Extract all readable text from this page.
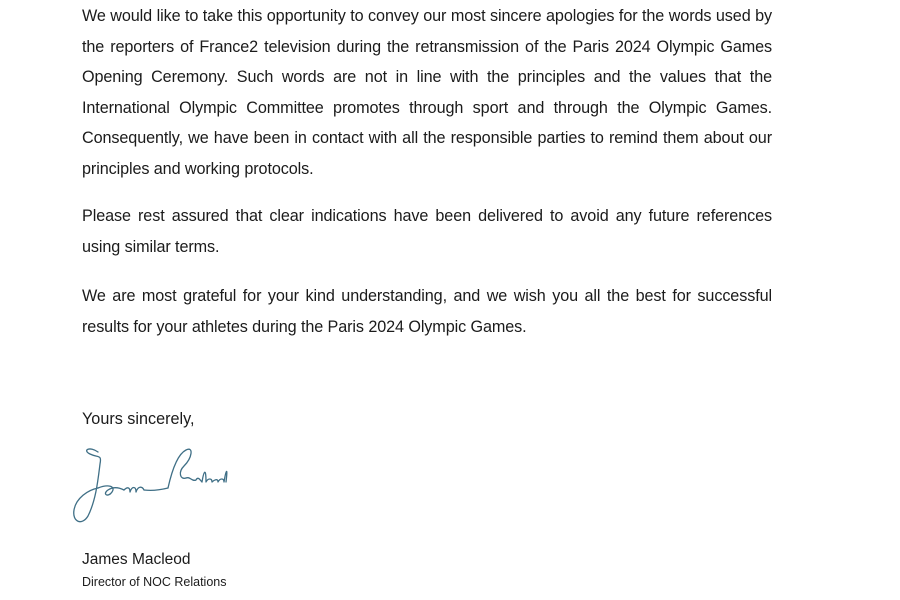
We would like to take this opportunity to convey our most sincere apologies for the words used by the reporters of France2 television during the retransmission of the Paris 2024 Olympic Games Opening Ceremony. Such words are not in line with the principles and the values that the International Olympic Committee promotes through sport and through the Olympic Games. Consequently, we have been in contact with all the responsible parties to remind them about our principles and working protocols.

Please rest assured that clear indications have been delivered to avoid any future references using similar terms.

We are most grateful for your kind understanding, and we wish you all the best for successful results for your athletes during the Paris 2024 Olympic Games.

Yours sincerely,
James Macleod
Director of NOC Relations
